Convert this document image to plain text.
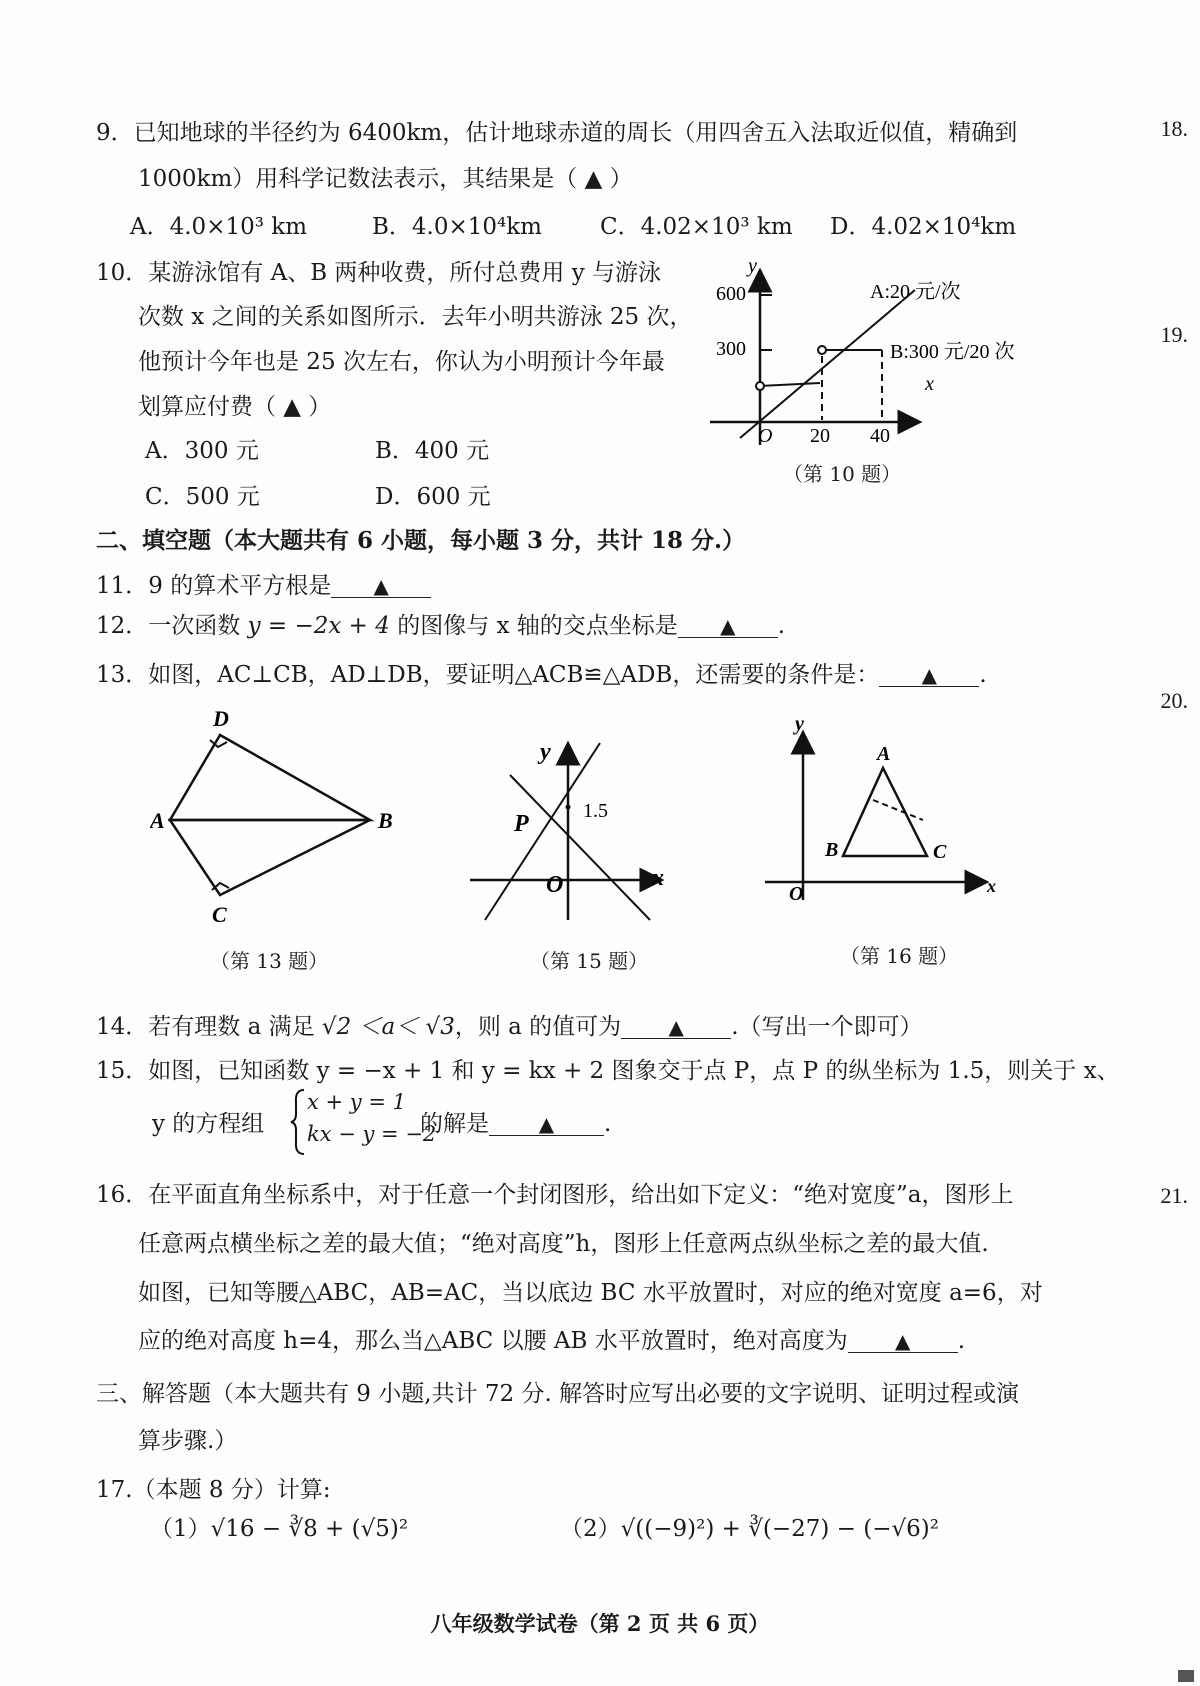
18.
19.
20.
21.
9．已知地球的半径约为 6400km，估计地球赤道的周长（用四舍五入法取近似值，精确到
1000km）用科学记数法表示，其结果是（ ▲ ）
A．4.0×10³ km	B．4.0×10⁴km	C．4.02×10³ km D．4.02×10⁴km
10．某游泳馆有 A、B 两种收费，所付总费用 y 与游泳
次数 x 之间的关系如图所示．去年小明共游泳 25 次，
他预计今年也是 25 次左右，你认为小明预计今年最
划算应付费（ ▲ ）
A．300 元	B．400 元
C．500 元	D．600 元
y
600
300
A:20 元/次
B:300 元/20 次
x
O 20 40
（第 10 题）
二、填空题（本大题共有 6 小题，每小题 3 分，共计 18 分.）
11．9 的算术平方根是 ▲
12．一次函数 y = −2x + 4 的图像与 x 轴的交点坐标是 ▲ .
13．如图，AC⊥CB，AD⊥DB，要证明△ACB≌△ADB，还需要的条件是： ▲ .
D
A	B
C
（第 13 题）
y
1.5
P
O	x
（第 15 题）
y
A
B	C
O	x
（第 16 题）
14．若有理数 a 满足 √2 ＜a＜ √3，则 a 的值可为 ▲ .（写出一个即可）
15．如图，已知函数 y = −x + 1 和 y = kx + 2 图象交于点 P，点 P 的纵坐标为 1.5，则关于 x、
y 的方程组
x + y = 1
kx − y = −2
的解是 ▲ .
16．在平面直角坐标系中，对于任意一个封闭图形，给出如下定义：“绝对宽度”a，图形上
任意两点横坐标之差的最大值；“绝对高度”h，图形上任意两点纵坐标之差的最大值.
如图，已知等腰△ABC，AB=AC，当以底边 BC 水平放置时，对应的绝对宽度 a=6，对
应的绝对高度 h=4，那么当△ABC 以腰 AB 水平放置时，绝对高度为 ▲ .
三、解答题（本大题共有 9 小题,共计 72 分. 解答时应写出必要的文字说明、证明过程或演
算步骤.）
17.（本题 8 分）计算:
（1）√16 − ∛8 + (√5)²	（2）√((−9)²) + ∛(−27) − (−√6)²
八年级数学试卷（第 2 页 共 6 页）
